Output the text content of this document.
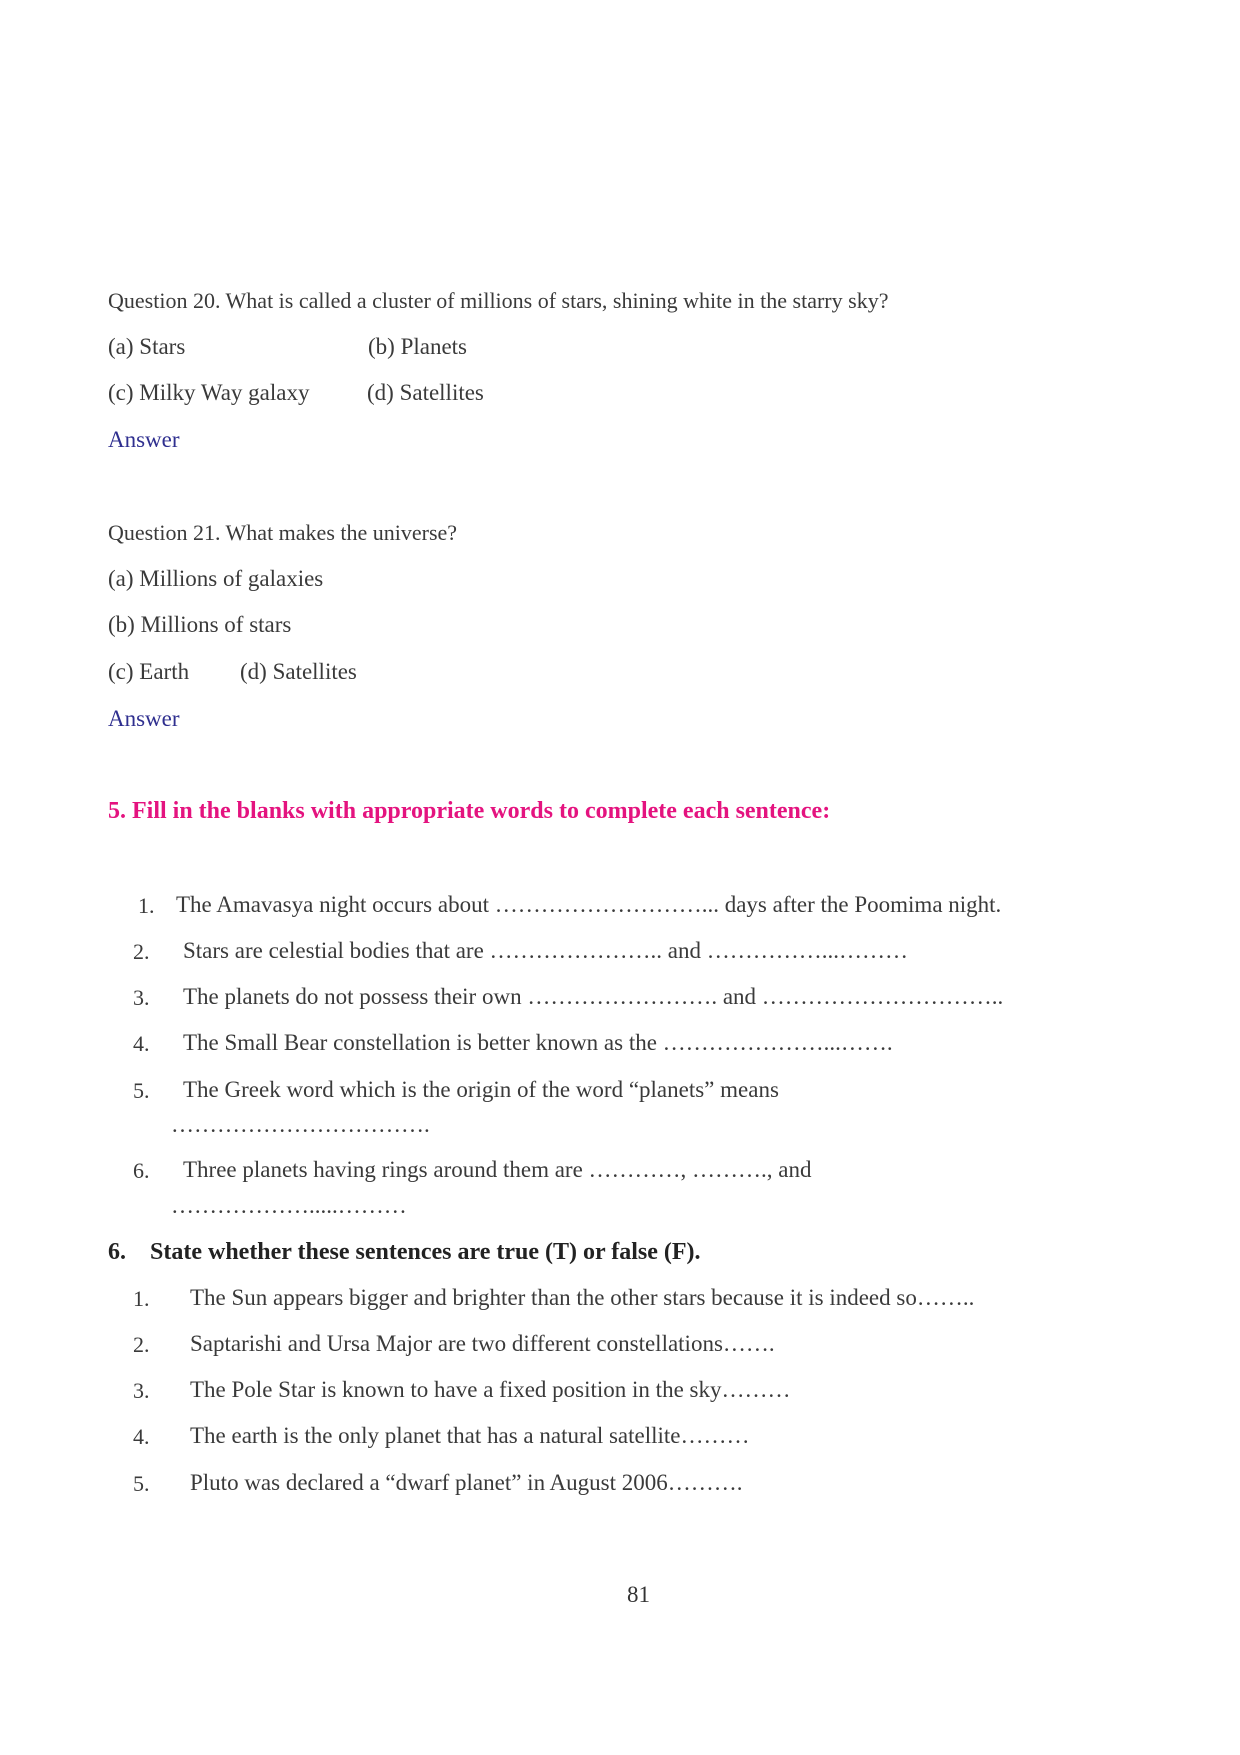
Question 20. What is called a cluster of millions of stars, shining white in the starry sky?
(a) Stars	(b) Planets
(c) Milky Way galaxy	(d) Satellites
Answer
Question 21. What makes the universe?
(a) Millions of galaxies
(b) Millions of stars
(c) Earth (d) Satellites
Answer
5. Fill in the blanks with appropriate words to complete each sentence:
1. The Amavasya night occurs about ………………………... days after the Poomima night.
2. Stars are celestial bodies that are ………………….. and ……………...………
3. The planets do not possess their own ……………………. and …………………………..
4. The Small Bear constellation is better known as the …………………...…….
5. The Greek word which is the origin of the word “planets” means
…………………………….
6. Three planets having rings around them are …………, ………., and
……………….....………
6. State whether these sentences are true (T) or false (F).
1. The Sun appears bigger and brighter than the other stars because it is indeed so……..
2. Saptarishi and Ursa Major are two different constellations…….
3. The Pole Star is known to have a fixed position in the sky………
4. The earth is the only planet that has a natural satellite………
5. Pluto was declared a “dwarf planet” in August 2006……….
81
